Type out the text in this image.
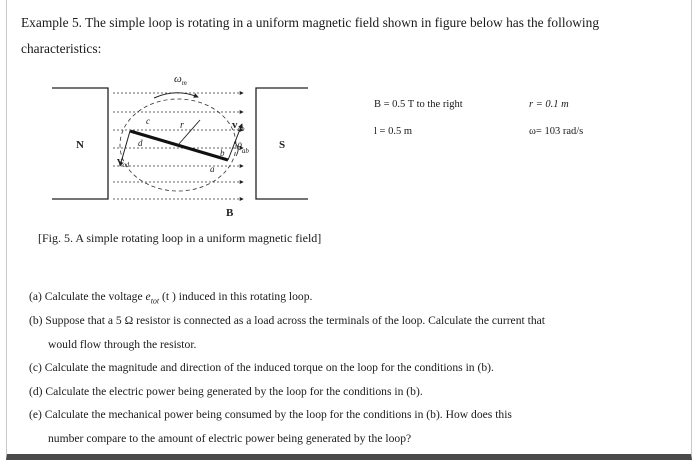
Example 5. The simple loop is rotating in a uniform magnetic field shown in figure below has the following
characteristics:
N	S
$\omega_m$
r
c
d
b
a
$v_{ab}$
$v_{cd}$
$\theta_{ab}$
B
B = 0.5 T to the right	r = 0.1 m
l = 0.5 m	ω= 103 rad/s
[Fig. 5. A simple rotating loop in a uniform magnetic field]
(a) Calculate the voltage $e_{tot}$ (t ) induced in this rotating loop.
(b) Suppose that a 5 Ω resistor is connected as a load across the terminals of the loop. Calculate the current that
would flow through the resistor.
(c) Calculate the magnitude and direction of the induced torque on the loop for the conditions in (b).
(d) Calculate the electric power being generated by the loop for the conditions in (b).
(e) Calculate the mechanical power being consumed by the loop for the conditions in (b). How does this
number compare to the amount of electric power being generated by the loop?
